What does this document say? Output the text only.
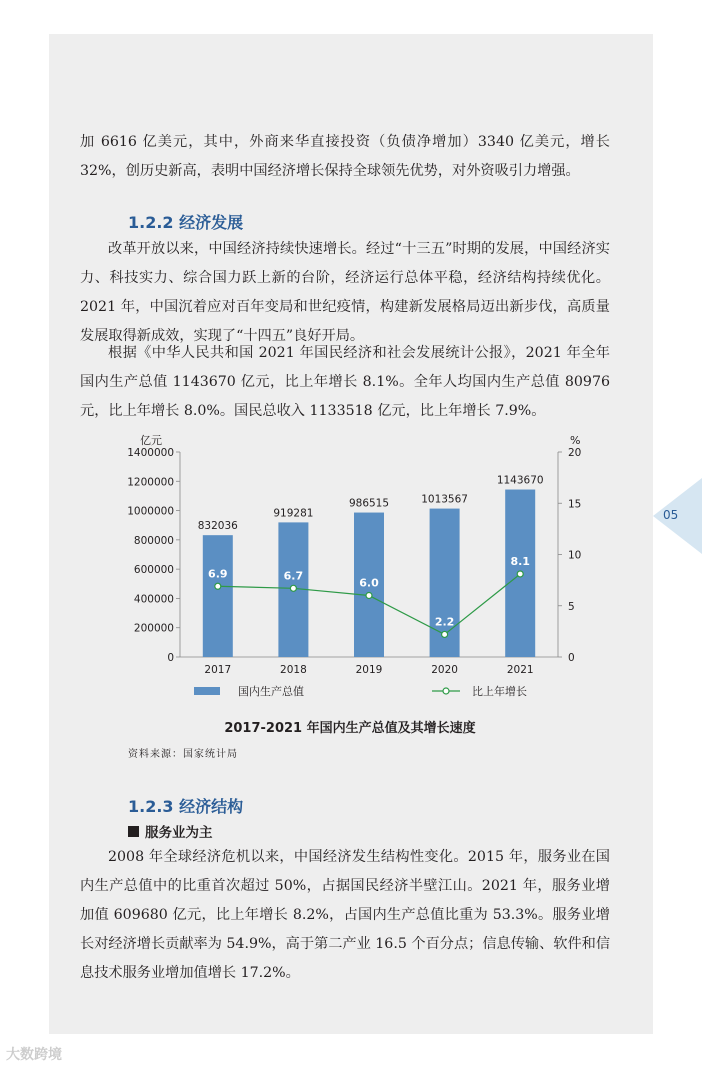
加 6616 亿美元，其中，外商来华直接投资（负债净增加）3340 亿美元，增长 32%，创历史新高，表明中国经济增长保持全球领先优势，对外资吸引力增强。

1.2.2 经济发展

改革开放以来，中国经济持续快速增长。经过“十三五”时期的发展，中国经济实力、科技实力、综合国力跃上新的台阶，经济运行总体平稳，经济结构持续优化。2021 年，中国沉着应对百年变局和世纪疫情，构建新发展格局迈出新步伐，高质量发展取得新成效，实现了“十四五”良好开局。

根据《中华人民共和国 2021 年国民经济和社会发展统计公报》，2021 年全年国内生产总值 1143670 亿元，比上年增长 8.1%。全年人均国内生产总值 80976 元，比上年增长 8.0%。国民总收入 1133518 亿元，比上年增长 7.9%。

05
亿元	%
1400000
1200000
1000000
800000
600000
400000
200000
0
20
15
10
5
0
832036
919281
986515	1013567
1143670
2017	2018	2019	2020	2021
6.9	6.7
6.0
2.2
8.1
国内生产总值	比上年增长

2017-2021 年国内生产总值及其增长速度

资料来源：国家统计局

1.2.3 经济结构

服务业为主

2008 年全球经济危机以来，中国经济发生结构性变化。2015 年，服务业在国内生产总值中的比重首次超过 50%，占据国民经济半壁江山。2021 年，服务业增加值 609680 亿元，比上年增长 8.2%，占国内生产总值比重为 53.3%。服务业增长对经济增长贡献率为 54.9%，高于第二产业 16.5 个百分点；信息传输、软件和信息技术服务业增加值增长 17.2%。

大数跨境
